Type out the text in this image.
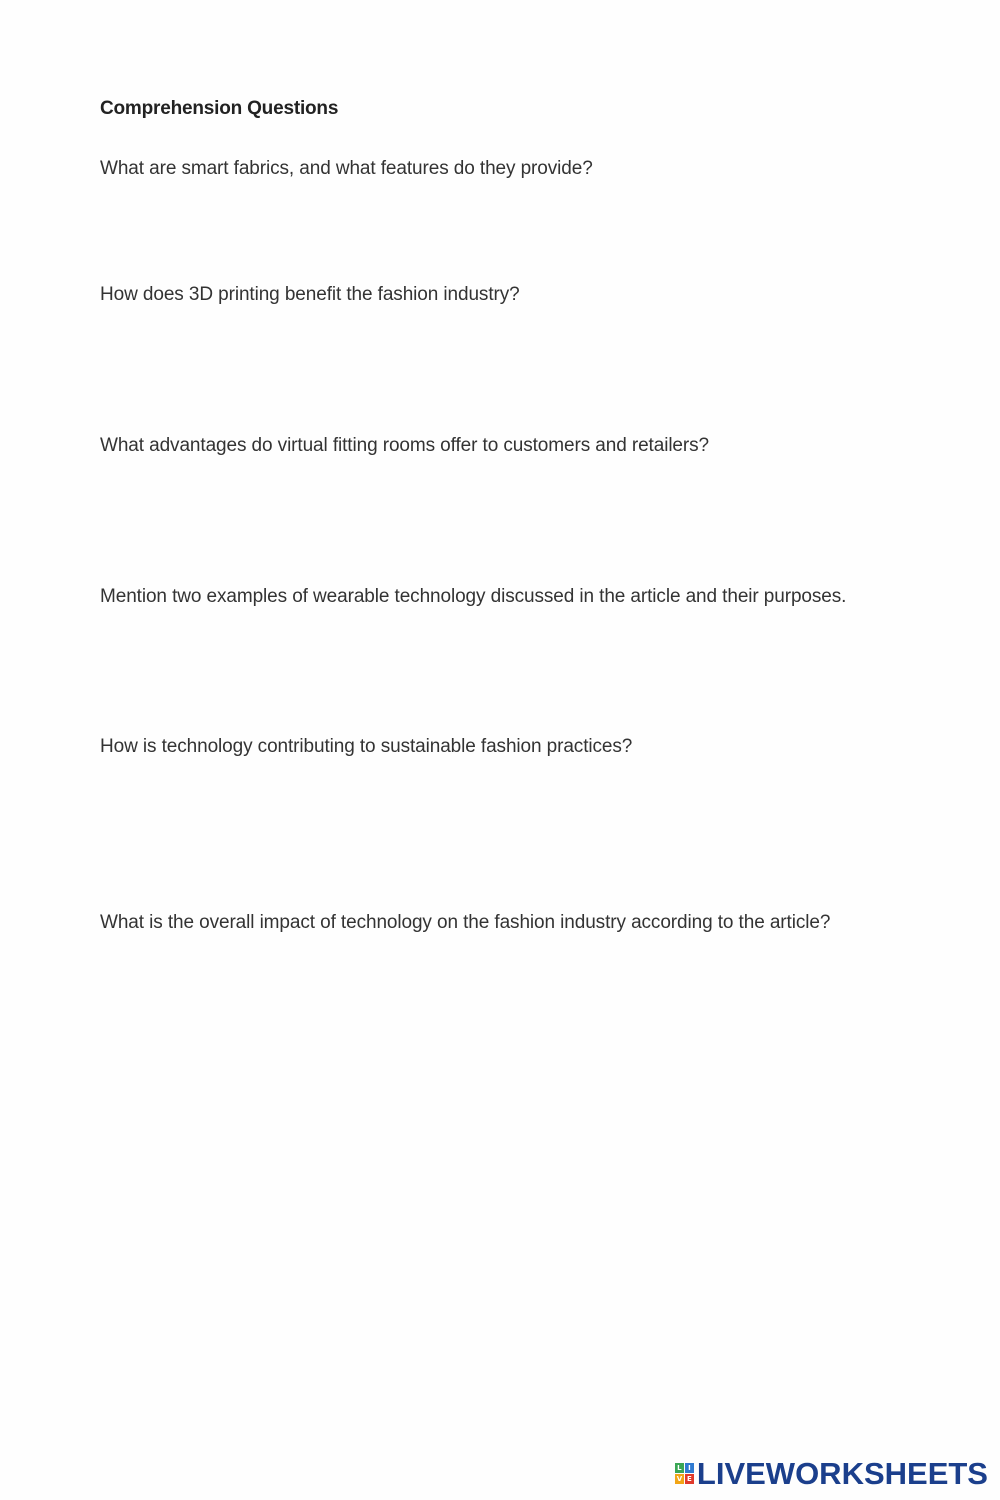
Comprehension Questions

What are smart fabrics, and what features do they provide?

How does 3D printing benefit the fashion industry?

What advantages do virtual fitting rooms offer to customers and retailers?

Mention two examples of wearable technology discussed in the article and their purposes.

How is technology contributing to sustainable fashion practices?

What is the overall impact of technology on the fashion industry according to the article?

L I
V E LIVEWORKSHEETS
